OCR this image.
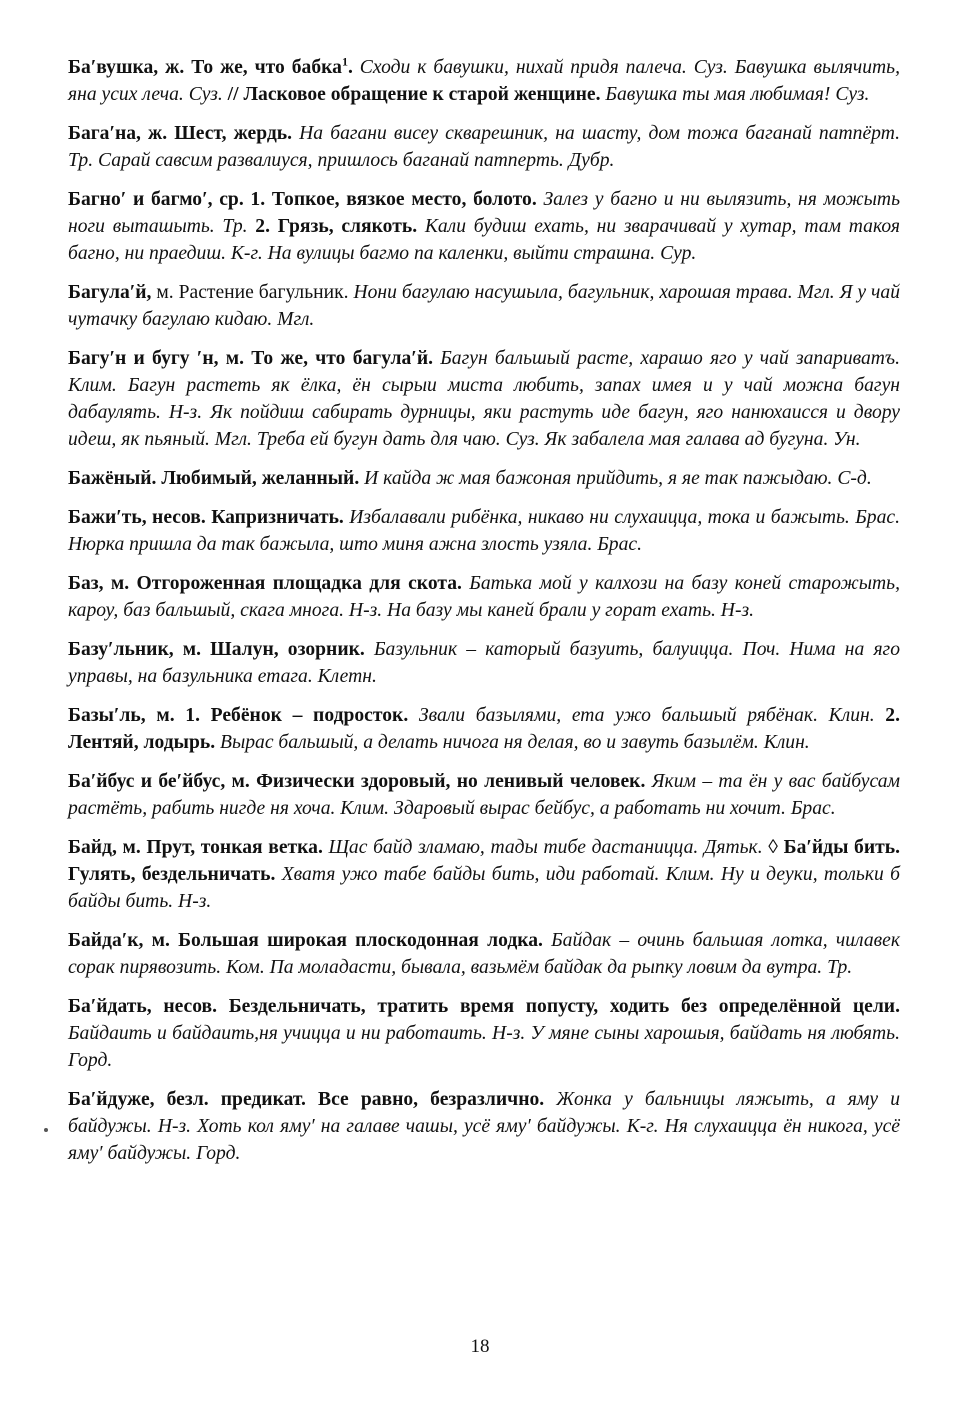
Ба′вушка, ж. То же, что бабка$^1$. Сходи к бавушки, нихай придя палеча. Суз. Бавушка вылячить, яна усих леча. Суз. // Ласковое обращение к старой женщине. Бавушка ты мая любимая! Суз.

Бага′на, ж. Шест, жердь. На багани висеу скварешник, на шасту, дом тожа баганай патпёрт. Тр. Сарай савсим развалиуся, пришлось баганай патперть. Дубр.

Багно′ и багмо′, ср. 1. Топкое, вязкое место, болото. Залез у багно и ни вылязить, ня можыть ноги выташыть. Тр. 2. Грязь, слякоть. Кали будиш ехать, ни зварачивай у хутар, там такоя багно, ни праедиш. К-г. На вулицы багмо па каленки, выйти страшна. Сур.

Багула′й, м. Растение багульник. Нони багулаю насушыла, багульник, харошая трава. Мгл. Я у чай чутачку багулаю кидаю. Мгл.

Багу′н и бугу ′н, м. То же, что багула′й. Багун бальшый расте, харашо яго у чай запариватъ. Клим. Багун растеть як ёлка, ён сырыи миста любить, запах имея и у чай можна багун дабаулять. Н-з. Як пойдиш сабирать дурницы, яки растуть иде багун, яго нанюхаисся и двору идеш, як пьяный. Мгл. Треба ей бугун дать для чаю. Суз. Як забалела мая галава ад бугуна. Ун.

Бажёный. Любимый, желанный. И кайда ж мая бажоная прийдить, я яе так пажыдаю. С-д.

Бажи′ть, несов. Капризничать. Избалавали рибёнка, никаво ни слухаицца, тока и бажыть. Брас. Нюрка пришла да так бажыла, што миня ажна злость узяла. Брас.

Баз, м. Отгороженная площадка для скота. Батька мой у калхози на базу коней старожыть, кароу, баз бальшый, скага многа. Н-з. На базу мы каней брали у горат ехать. Н-з.

Базу′льник, м. Шалун, озорник. Базульник – каторый базуить, балуицца. Поч. Нима на яго управы, на базульника етага. Клетн.

Базы′ль, м. 1. Ребёнок – подросток. Звали базылями, ета ужо бальшый рябёнак. Клин. 2. Лентяй, лодырь. Вырас бальшый, а делать ничога ня делая, во и завуть базылём. Клин.

Ба′йбус и бе′йбус, м. Физически здоровый, но ленивый человек. Яким – та ён у вас байбусам растёть, рабить нигде ня хоча. Клим. Здаровый вырас бейбус, а работать ни хочит. Брас.

Байд, м. Прут, тонкая ветка. Щас байд зламаю, тады тибе дастаницца. Дятьк. ◊ Ба′йды бить. Гулять, бездельничать. Хватя ужо табе байды бить, иди работай. Клим. Ну и деуки, тольки б байды бить. Н-з.

Байда′к, м. Большая широкая плоскодонная лодка. Байдак – очинь бальшая лотка, чилавек сорак пирявозить. Ком. Па моладасти, бывала, вазьмём байдак да рыпку ловим да вутра. Тр.

Ба′йдать, несов. Бездельничать, тратить время попусту, ходить без определённой цели. Байдаить и байдаить,ня учицца и ни работаить. Н-з. У мяне сыны харошыя, байдать ня любять. Горд.

Ба′йдуже, безл. предикат. Все равно, безразлично. Жонка у бальницы ляжыть, а яму и байдужы. Н-з. Хоть кол яму′ на галаве чашы, усё яму′ байдужы. К-г. Ня слухаицца ён никога, усё яму′ байдужы. Горд.

18
